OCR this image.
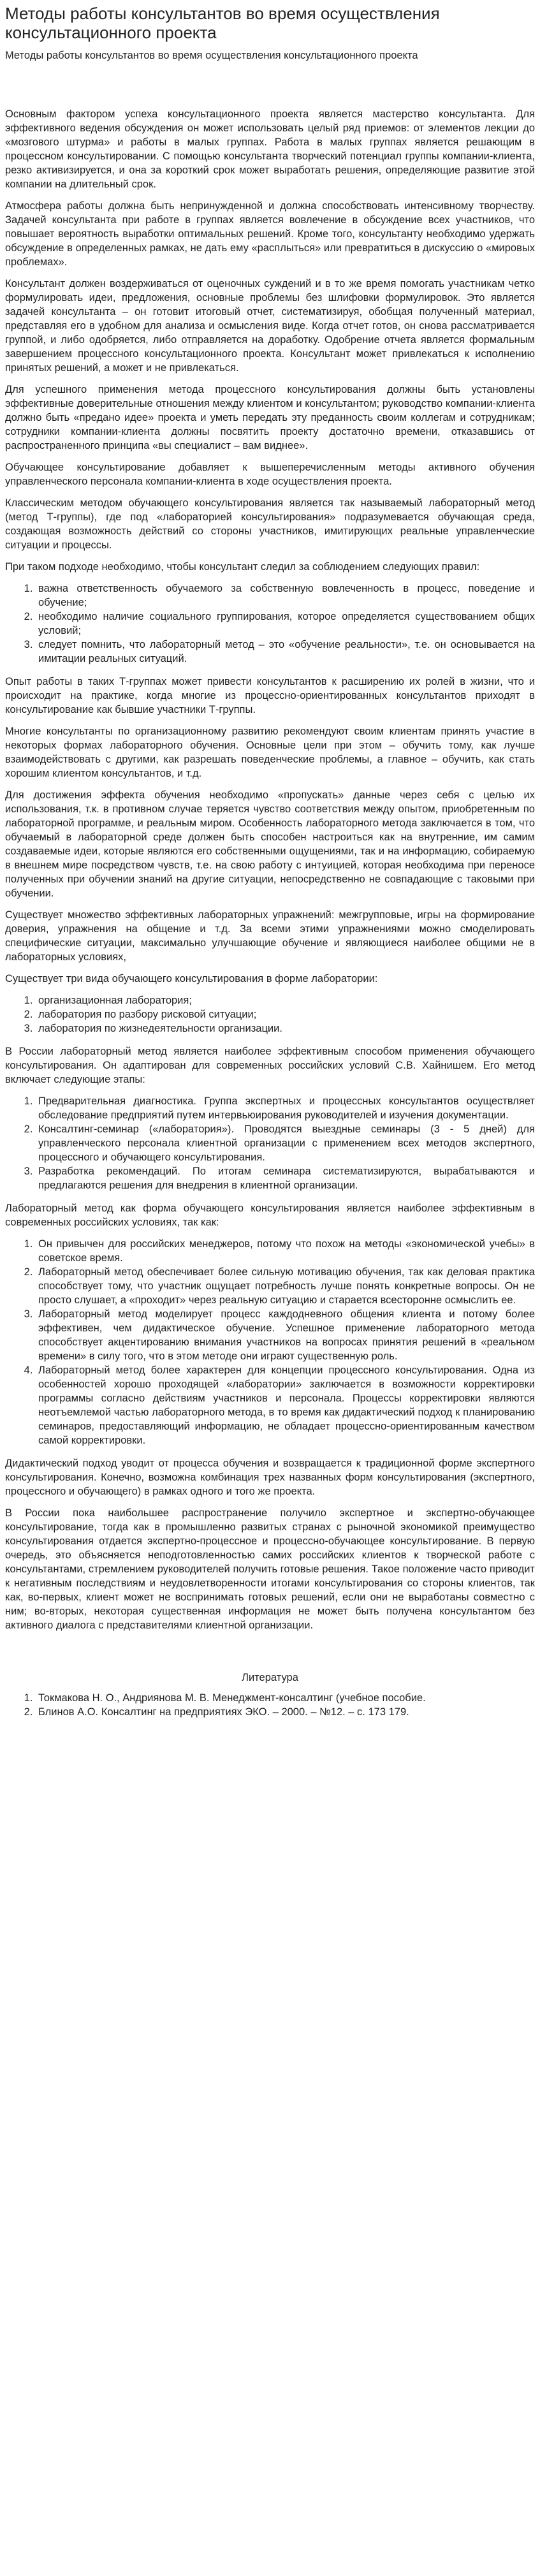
Методы работы консультантов во время осуществления консультационного проекта

Методы работы консультантов во время осуществления консультационного проекта

Основным фактором успеха консультационного проекта является мастерство консультанта. Для эффективного ведения обсуждения он может использовать целый ряд приемов: от элементов лекции до «мозгового штурма» и работы в малых группах. Работа в малых группах является решающим в процессном консультировании. С помощью консультанта творческий потенциал группы компании-клиента, резко активизируется, и она за короткий срок может выработать решения, определяющие развитие этой компании на длительный срок.

Атмосфера работы должна быть непринужденной и должна способствовать интенсивному творчеству. Задачей консультанта при работе в группах является вовлечение в обсуждение всех участников, что повышает вероятность выработки оптимальных решений. Кроме того, консультанту необходимо удержать обсуждение в определенных рамках, не дать ему «расплыться» или превратиться в дискуссию о «мировых проблемах».

Консультант должен воздерживаться от оценочных суждений и в то же время помогать участникам четко формулировать идеи, предложения, основные проблемы без шлифовки формулировок. Это является задачей консультанта – он готовит итоговый отчет, систематизируя, обобщая полученный материал, представляя его в удобном для анализа и осмысления виде. Когда отчет готов, он снова рассматривается группой, и либо одобряется, либо отправляется на доработку. Одобрение отчета является формальным завершением процессного консультационного проекта. Консультант может привлекаться к исполнению принятых решений, а может и не привлекаться.

Для успешного применения метода процессного консультирования должны быть установлены эффективные доверительные отношения между клиентом и консультантом; руководство компании-клиента должно быть «предано идее» проекта и уметь передать эту преданность своим коллегам и сотрудникам; сотрудники компании-клиента должны посвятить проекту достаточно времени, отказавшись от распространенного принципа «вы специалист – вам виднее».

Обучающее консультирование добавляет к вышеперечисленным методы активного обучения управленческого персонала компании-клиента в ходе осуществления проекта.

Классическим методом обучающего консультирования является так называемый лабораторный метод (метод Т-группы), где под «лабораторией консультирования» подразумевается обучающая среда, создающая возможность действий со стороны участников, имитирующих реальные управленческие ситуации и процессы.

При таком подходе необходимо, чтобы консультант следил за соблюдением следующих правил:

1. важна ответственность обучаемого за собственную вовлеченность в процесс, поведение и обучение;
2. необходимо наличие социального группирования, которое определяется существованием общих условий;
3. следует помнить, что лабораторный метод – это «обучение реальности», т.е. он основывается на имитации реальных ситуаций.

Опыт работы в таких Т-группах может привести консультантов к расширению их ролей в жизни, что и происходит на практике, когда многие из процессно-ориентированных консультантов приходят в консультирование как бывшие участники Т-группы.

Многие консультанты по организационному развитию рекомендуют своим клиентам принять участие в некоторых формах лабораторного обучения. Основные цели при этом – обучить тому, как лучше взаимодействовать с другими, как разрешать поведенческие проблемы, а главное – обучить, как стать хорошим клиентом консультантов, и т.д.

Для достижения эффекта обучения необходимо «пропускать» данные через себя с целью их использования, т.к. в противном случае теряется чувство соответствия между опытом, приобретенным по лабораторной программе, и реальным миром. Особенность лабораторного метода заключается в том, что обучаемый в лабораторной среде должен быть способен настроиться как на внутренние, им самим создаваемые идеи, которые являются его собственными ощущениями, так и на информацию, собираемую в внешнем мире посредством чувств, т.е. на свою работу с интуицией, которая необходима при переносе полученных при обучении знаний на другие ситуации, непосредственно не совпадающие с таковыми при обучении.

Существует множество эффективных лабораторных упражнений: межгрупповые, игры на формирование доверия, упражнения на общение и т.д. За всеми этими упражнениями можно смоделировать специфические ситуации, максимально улучшающие обучение и являющиеся наиболее общими не в лабораторных условиях,

Существует три вида обучающего консультирования в форме лаборатории:

1. организационная лаборатория;
2. лаборатория по разбору рисковой ситуации;
3. лаборатория по жизнедеятельности организации.

В России лабораторный метод является наиболее эффективным способом применения обучающего консультирования. Он адаптирован для современных российских условий С.В. Хайнишем. Его метод включает следующие этапы:

1. Предварительная диагностика. Группа экспертных и процессных консультантов осуществляет обследование предприятий путем интервьюирования руководителей и изучения документации.
2. Консалтинг-семинар («лаборатория»). Проводятся выездные семинары (3 - 5 дней) для управленческого персонала клиентной организации с применением всех методов экспертного, процессного и обучающего консультирования.
3. Разработка рекомендаций. По итогам семинара систематизируются, вырабатываются и предлагаются решения для внедрения в клиентной организации.

Лабораторный метод как форма обучающего консультирования является наиболее эффективным в современных российских условиях, так как:

1. Он привычен для российских менеджеров, потому что похож на методы «экономической учебы» в советское время.
2. Лабораторный метод обеспечивает более сильную мотивацию обучения, так как деловая практика способствует тому, что участник ощущает потребность лучше понять конкретные вопросы. Он не просто слушает, а «проходит» через реальную ситуацию и старается всесторонне осмыслить ее.
3. Лабораторный метод моделирует процесс каждодневного общения клиента и потому более эффективен, чем дидактическое обучение. Успешное применение лабораторного метода способствует акцентированию внимания участников на вопросах принятия решений в «реальном времени» в силу того, что в этом методе они играют существенную роль.
4. Лабораторный метод более характерен для концепции процессного консультирования. Одна из особенностей хорошо проходящей «лаборатории» заключается в возможности корректировки программы согласно действиям участников и персонала. Процессы корректировки являются неотъемлемой частью лабораторного метода, в то время как дидактический подход к планированию семинаров, предоставляющий информацию, не обладает процессно-ориентированным качеством самой корректировки.

Дидактический подход уводит от процесса обучения и возвращается к традиционной форме экспертного консультирования. Конечно, возможна комбинация трех названных форм консультирования (экспертного, процессного и обучающего) в рамках одного и того же проекта.

В России пока наибольшее распространение получило экспертное и экспертно-обучающее консультирование, тогда как в промышленно развитых странах с рыночной экономикой преимущество консультирования отдается экспертно-процессное и процессно-обучающее консультирование. В первую очередь, это объясняется неподготовленностью самих российских клиентов к творческой работе с консультантами, стремлением руководителей получить готовые решения. Такое положение часто приводит к негативным последствиям и неудовлетворенности итогами консультирования со стороны клиентов, так как, во-первых, клиент может не воспринимать готовых решений, если они не выработаны совместно с ним; во-вторых, некоторая существенная информация не может быть получена консультантом без активного диалога с представителями клиентной организации.

Литература
1. Токмакова Н. О., Андриянова М. В. Менеджмент-консалтинг (учебное пособие.
2. Блинов А.О. Консалтинг на предприятиях ЭКО. – 2000. – №12. – с. 173 179.
